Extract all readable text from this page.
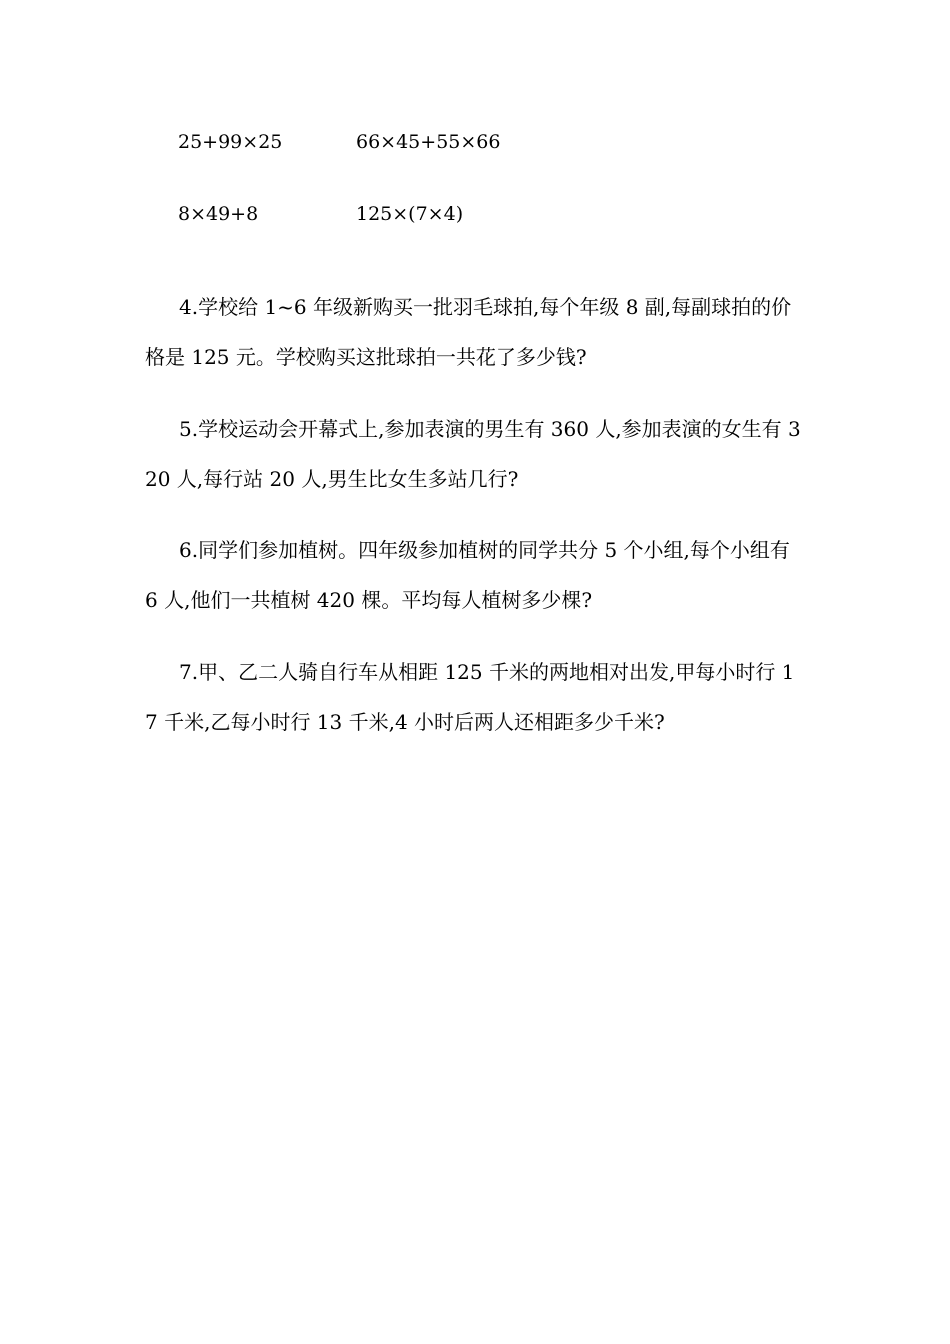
25+99×25	66×45+55×66
8×49+8	125×(7×4)

4.学校给 1~6 年级新购买一批羽毛球拍,每个年级 8 副,每副球拍的价格是 125 元。学校购买这批球拍一共花了多少钱?

5.学校运动会开幕式上,参加表演的男生有 360 人,参加表演的女生有 320 人,每行站 20 人,男生比女生多站几行?

6.同学们参加植树。四年级参加植树的同学共分 5 个小组,每个小组有 6 人,他们一共植树 420 棵。平均每人植树多少棵?

7.甲、乙二人骑自行车从相距 125 千米的两地相对出发,甲每小时行 17 千米,乙每小时行 13 千米,4 小时后两人还相距多少千米?
